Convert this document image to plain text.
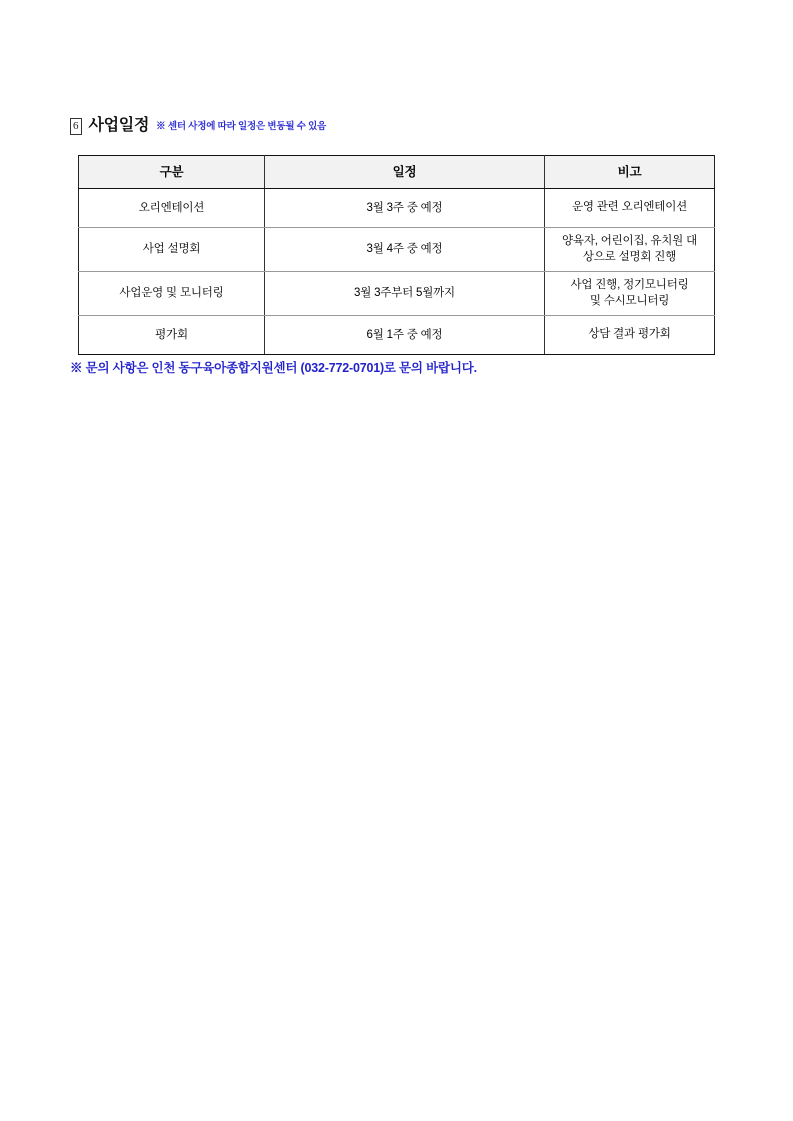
6 사업일정 ※ 센터 사정에 따라 일정은 변동될 수 있음
구분	일정	비고
오리엔테이션	3월 3주 중 예정	운영 관련 오리엔테이션

사업 설명회	3월 4주 중 예정	양육자, 어린이집, 유치원 대
상으로 설명회 진행

사업운영 및 모니터링	3월 3주부터 5월까지	사업 진행, 정기모니터링
및 수시모니터링

평가회	6월 1주 중 예정	상담 결과 평가회
※ 문의 사항은 인천 동구육아종합지원센터 (032-772-0701)로 문의 바랍니다.
